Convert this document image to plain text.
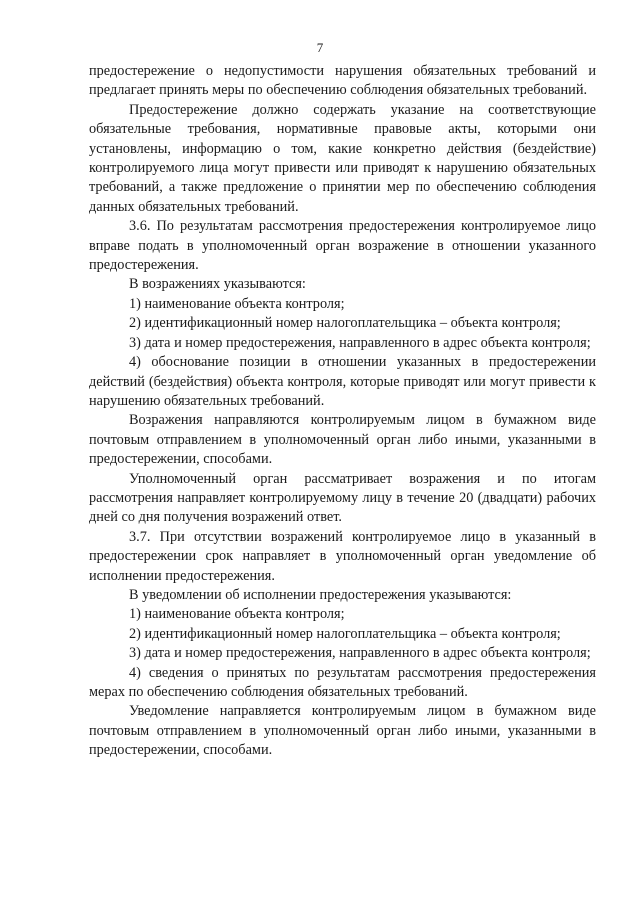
7

предостережение о недопустимости нарушения обязательных требований и предлагает принять меры по обеспечению соблюдения обязательных требований.

Предостережение должно содержать указание на соответствующие обязательные требования, нормативные правовые акты, которыми они установлены, информацию о том, какие конкретно действия (бездействие) контролируемого лица могут привести или приводят к нарушению обязательных требований, а также предложение о принятии мер по обеспечению соблюдения данных обязательных требований.

3.6. По результатам рассмотрения предостережения контролируемое лицо вправе подать в уполномоченный орган возражение в отношении указанного предостережения.

В возражениях указываются:

1) наименование объекта контроля;

2) идентификационный номер налогоплательщика – объекта контроля;

3) дата и номер предостережения, направленного в адрес объекта контроля;

4) обоснование позиции в отношении указанных в предостережении действий (бездействия) объекта контроля, которые приводят или могут привести к нарушению обязательных требований.

Возражения направляются контролируемым лицом в бумажном виде почтовым отправлением в уполномоченный орган либо иными, указанными в предостережении, способами.

Уполномоченный орган рассматривает возражения и по итогам рассмотрения направляет контролируемому лицу в течение 20 (двадцати) рабочих дней со дня получения возражений ответ.

3.7. При отсутствии возражений контролируемое лицо в указанный в предостережении срок направляет в уполномоченный орган уведомление об исполнении предостережения.

В уведомлении об исполнении предостережения указываются:

1) наименование объекта контроля;

2) идентификационный номер налогоплательщика – объекта контроля;

3) дата и номер предостережения, направленного в адрес объекта контроля;

4) сведения о принятых по результатам рассмотрения предостережения мерах по обеспечению соблюдения обязательных требований.

Уведомление направляется контролируемым лицом в бумажном виде почтовым отправлением в уполномоченный орган либо иными, указанными в предостережении, способами.
